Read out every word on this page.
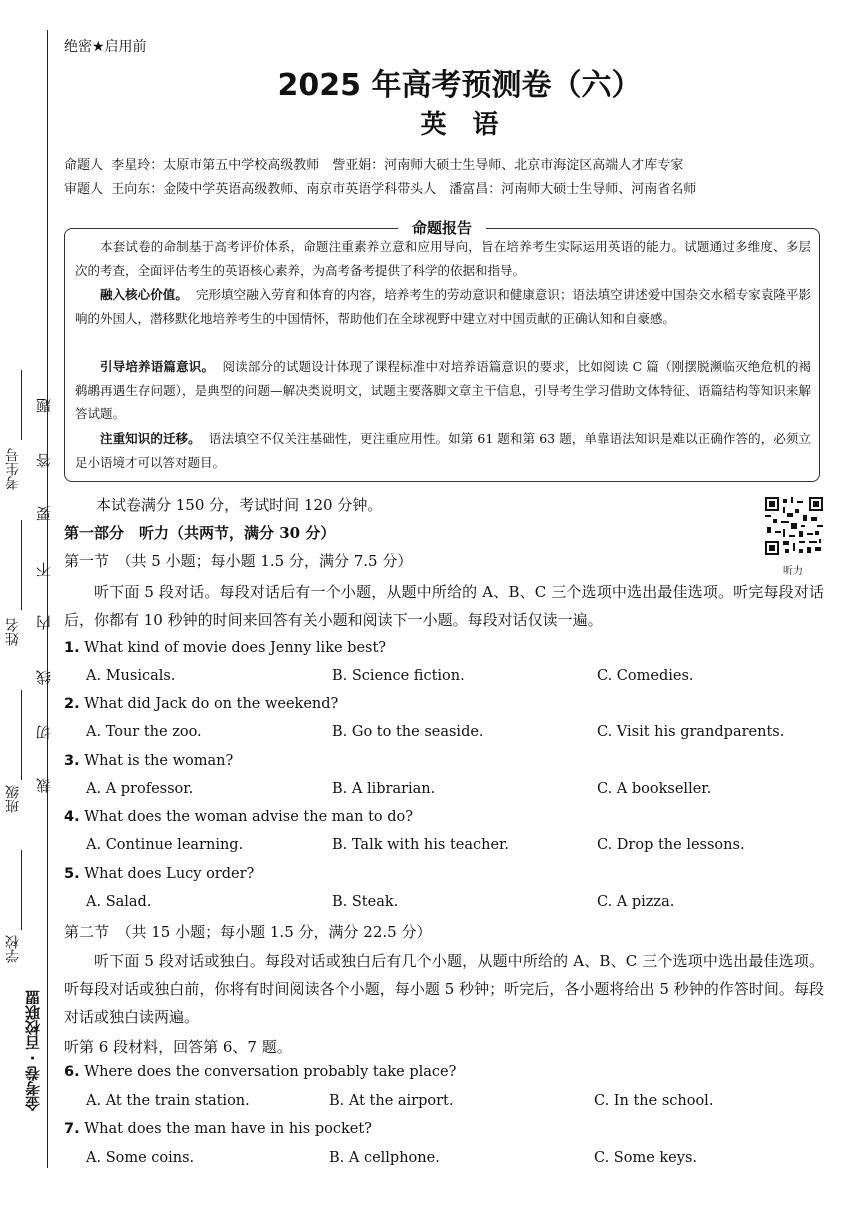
考生号
姓名
班级
学校
金考卷 · 百校联盟
题
答
要
不
内
线
切
裁
绝密★启用前
2025 年高考预测卷（六）
英　语
命题人 李星玲：太原市第五中学校高级教师　訾亚娟：河南师大硕士生导师、北京市海淀区高端人才库专家
审题人 王向东：金陵中学英语高级教师、南京市英语学科带头人　潘富昌：河南师大硕士生导师、河南省名师
命题报告
本套试卷的命制基于高考评价体系，命题注重素养立意和应用导向，旨在培养考生实际运用英语的能力。试题通过多维度、多层次的考查，全面评估考生的英语核心素养，为高考备考提供了科学的依据和指导。
融入核心价值。 完形填空融入劳育和体育的内容，培养考生的劳动意识和健康意识；语法填空讲述爱中国杂交水稻专家袁隆平影响的外国人，潜移默化地培养考生的中国情怀，帮助他们在全球视野中建立对中国贡献的正确认知和自豪感。
引导培养语篇意识。 阅读部分的试题设计体现了课程标准中对培养语篇意识的要求，比如阅读 C 篇（刚摆脱濒临灭绝危机的褐鹈鹕再遇生存问题），是典型的问题—解决类说明文，试题主要落脚文章主干信息，引导考生学习借助文体特征、语篇结构等知识来解答试题。
注重知识的迁移。 语法填空不仅关注基础性，更注重应用性。如第 61 题和第 63 题，单靠语法知识是难以正确作答的，必须立足小语境才可以答对题目。
本试卷满分 150 分，考试时间 120 分钟。
第一部分　听力（共两节，满分 30 分）
第一节　（共 5 小题；每小题 1.5 分，满分 7.5 分）
听力
听下面 5 段对话。每段对话后有一个小题，从题中所给的 A、B、C 三个选项中选出最佳选项。听完每段对话后，你都有 10 秒钟的时间来回答有关小题和阅读下一小题。每段对话仅读一遍。
1. What kind of movie does Jenny like best?
A. Musicals.	B. Science fiction.	C. Comedies.
2. What did Jack do on the weekend?
A. Tour the zoo.	B. Go to the seaside.	C. Visit his grandparents.
3. What is the woman?
A. A professor.	B. A librarian.	C. A bookseller.
4. What does the woman advise the man to do?
A. Continue learning.	B. Talk with his teacher.	C. Drop the lessons.
5. What does Lucy order?
A. Salad.	B. Steak.	C. A pizza.
第二节　（共 15 小题；每小题 1.5 分，满分 22.5 分）
听下面 5 段对话或独白。每段对话或独白后有几个小题，从题中所给的 A、B、C 三个选项中选出最佳选项。听每段对话或独白前，你将有时间阅读各个小题，每小题 5 秒钟；听完后，各小题将给出 5 秒钟的作答时间。每段对话或独白读两遍。
听第 6 段材料，回答第 6、7 题。
6. Where does the conversation probably take place?
A. At the train station.	B. At the airport.	C. In the school.
7. What does the man have in his pocket?
A. Some coins.	B. A cellphone.	C. Some keys.
